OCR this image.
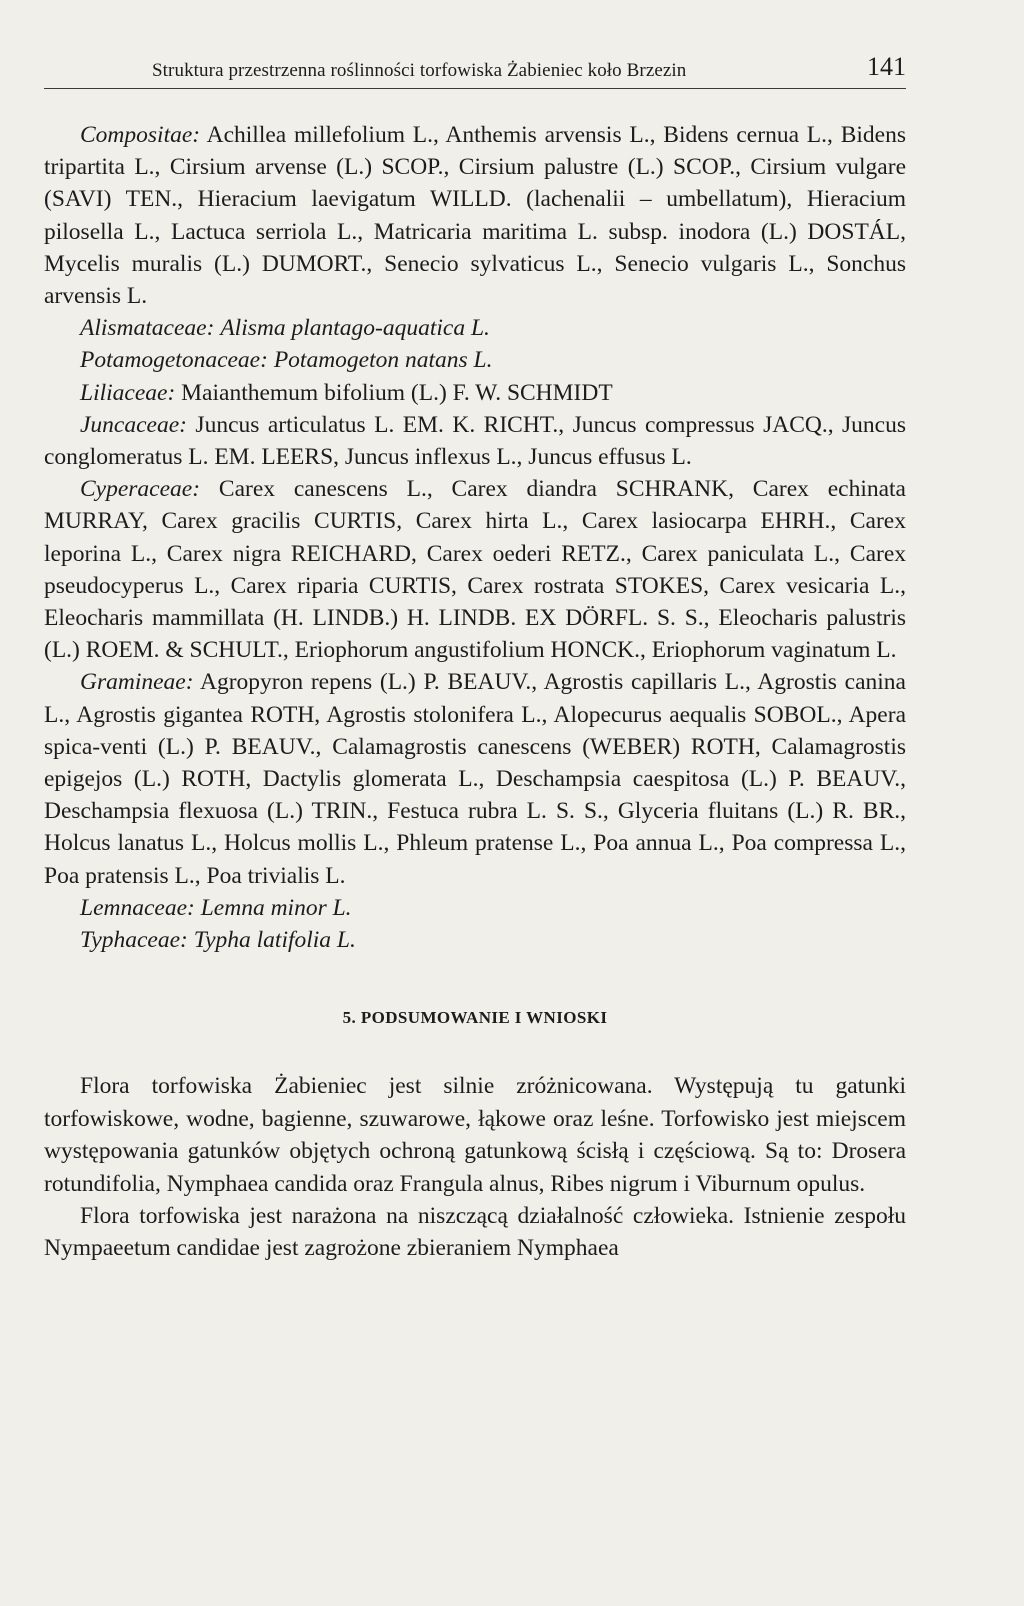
Struktura przestrzenna roślinności torfowiska Żabieniec koło Brzezin	141

Compositae: Achillea millefolium L., Anthemis arvensis L., Bidens cernua L., Bidens tripartita L., Cirsium arvense (L.) SCOP., Cirsium palustre (L.) SCOP., Cirsium vulgare (SAVI) TEN., Hieracium laevigatum WILLD. (lachenalii – umbellatum), Hieracium pilosella L., Lactuca serriola L., Matricaria maritima L. subsp. inodora (L.) DOSTÁL, Mycelis muralis (L.) DUMORT., Senecio sylvaticus L., Senecio vulgaris L., Sonchus arvensis L.

Alismataceae: Alisma plantago-aquatica L.

Potamogetonaceae: Potamogeton natans L.

Liliaceae: Maianthemum bifolium (L.) F. W. SCHMIDT

Juncaceae: Juncus articulatus L. EM. K. RICHT., Juncus compressus JACQ., Juncus conglomeratus L. EM. LEERS, Juncus inflexus L., Juncus effusus L.

Cyperaceae: Carex canescens L., Carex diandra SCHRANK, Carex echinata MURRAY, Carex gracilis CURTIS, Carex hirta L., Carex lasiocarpa EHRH., Carex leporina L., Carex nigra REICHARD, Carex oederi RETZ., Carex paniculata L., Carex pseudocyperus L., Carex riparia CURTIS, Carex rostrata STOKES, Carex vesicaria L., Eleocharis mammillata (H. LINDB.) H. LINDB. EX DÖRFL. S. S., Eleocharis palustris (L.) ROEM. & SCHULT., Eriophorum angustifolium HONCK., Eriophorum vaginatum L.

Gramineae: Agropyron repens (L.) P. BEAUV., Agrostis capillaris L., Agrostis canina L., Agrostis gigantea ROTH, Agrostis stolonifera L., Alopecurus aequalis SOBOL., Apera spica-venti (L.) P. BEAUV., Calamagrostis canescens (WEBER) ROTH, Calamagrostis epigejos (L.) ROTH, Dactylis glomerata L., Deschampsia caespitosa (L.) P. BEAUV., Deschampsia flexuosa (L.) TRIN., Festuca rubra L. S. S., Glyceria fluitans (L.) R. BR., Holcus lanatus L., Holcus mollis L., Phleum pratense L., Poa annua L., Poa compressa L., Poa pratensis L., Poa trivialis L.

Lemnaceae: Lemna minor L.

Typhaceae: Typha latifolia L.

5. PODSUMOWANIE I WNIOSKI

Flora torfowiska Żabieniec jest silnie zróżnicowana. Występują tu gatunki torfowiskowe, wodne, bagienne, szuwarowe, łąkowe oraz leśne. Torfowisko jest miejscem występowania gatunków objętych ochroną gatunkową ścisłą i częściową. Są to: Drosera rotundifolia, Nymphaea candida oraz Frangula alnus, Ribes nigrum i Viburnum opulus.

Flora torfowiska jest narażona na niszczącą działalność człowieka. Istnienie zespołu Nympaeetum candidae jest zagrożone zbieraniem Nymphaea
